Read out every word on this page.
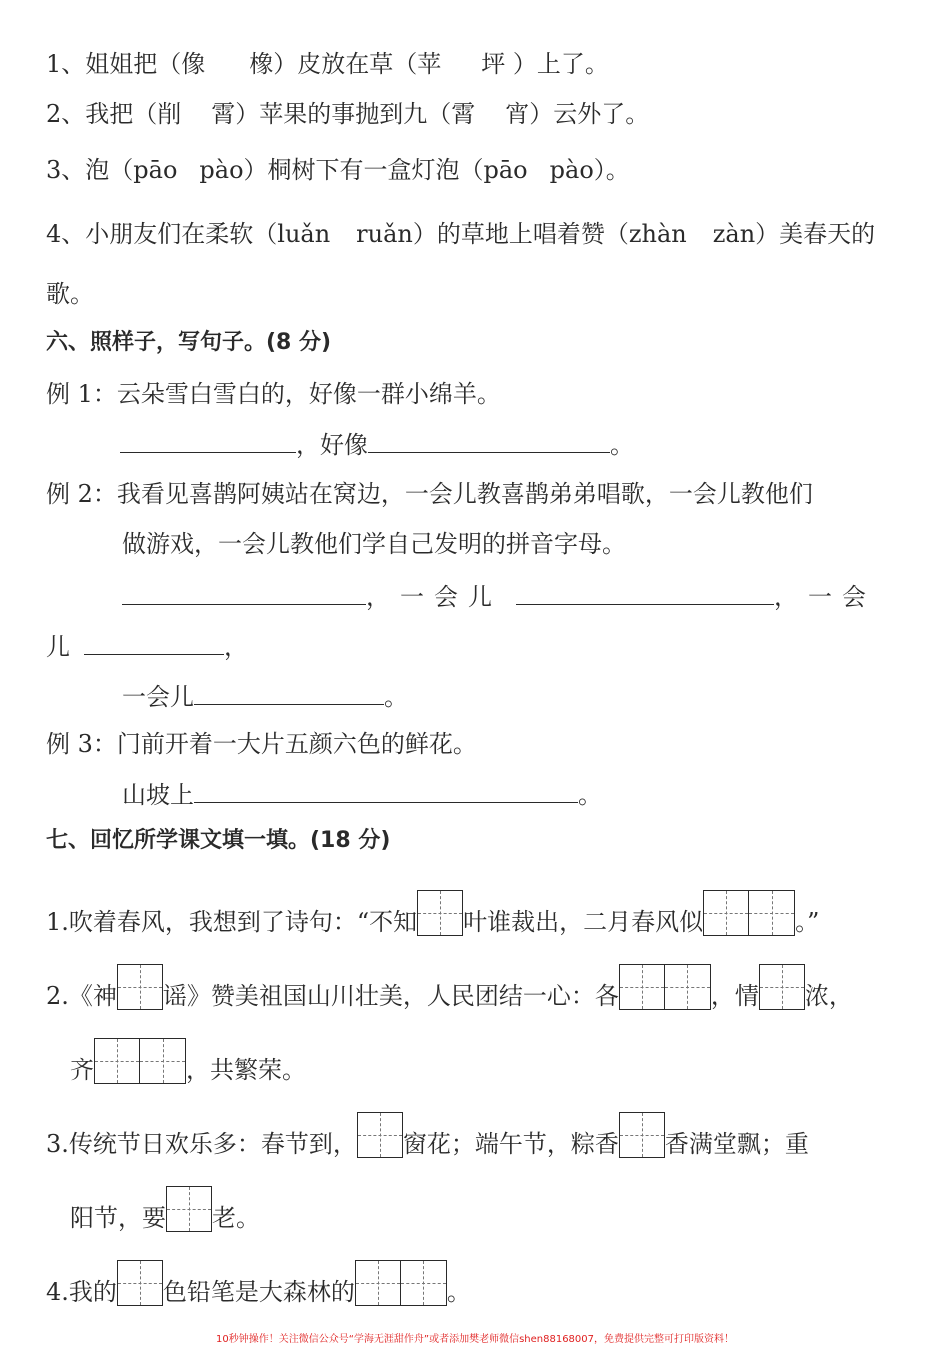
1、姐姐把（像 橡）皮放在草（苹 坪 ）上了。
2、我把（削 霄）苹果的事抛到九（霄 宵）云外了。
3、泡（pāo pào）桐树下有一盒灯泡（pāo pào）。
4、小朋友们在柔软（luǎn ruǎn）的草地上唱着赞（zhàn zàn）美春天的
歌。
六、照样子，写句子。(8 分)
例 1：云朵雪白雪白的，好像一群小绵羊。
，好像	。
例 2：我看见喜鹊阿姨站在窝边，一会儿教喜鹊弟弟唱歌，一会儿教他们
做游戏，一会儿教他们学自己发明的拼音字母。
，一会儿	，一会
儿	，
一会儿	。
例 3：门前开着一大片五颜六色的鲜花。
山坡上	。
七、回忆所学课文填一填。(18 分)
1.吹着春风，我想到了诗句：“不知 叶谁裁出，二月春风似	。”
2.《神 谣》赞美祖国山川壮美，人民团结一心：各	，情 浓，
齐	，共繁荣。
3.传统节日欢乐多：春节到， 窗花；端午节，粽香 香满堂飘；重
阳节，要 老。
4.我的 色铅笔是大森林的	。
10秒钟操作！关注微信公众号“学海无涯甜作舟”或者添加樊老师微信shen88168007，免费提供完整可打印版资料！
